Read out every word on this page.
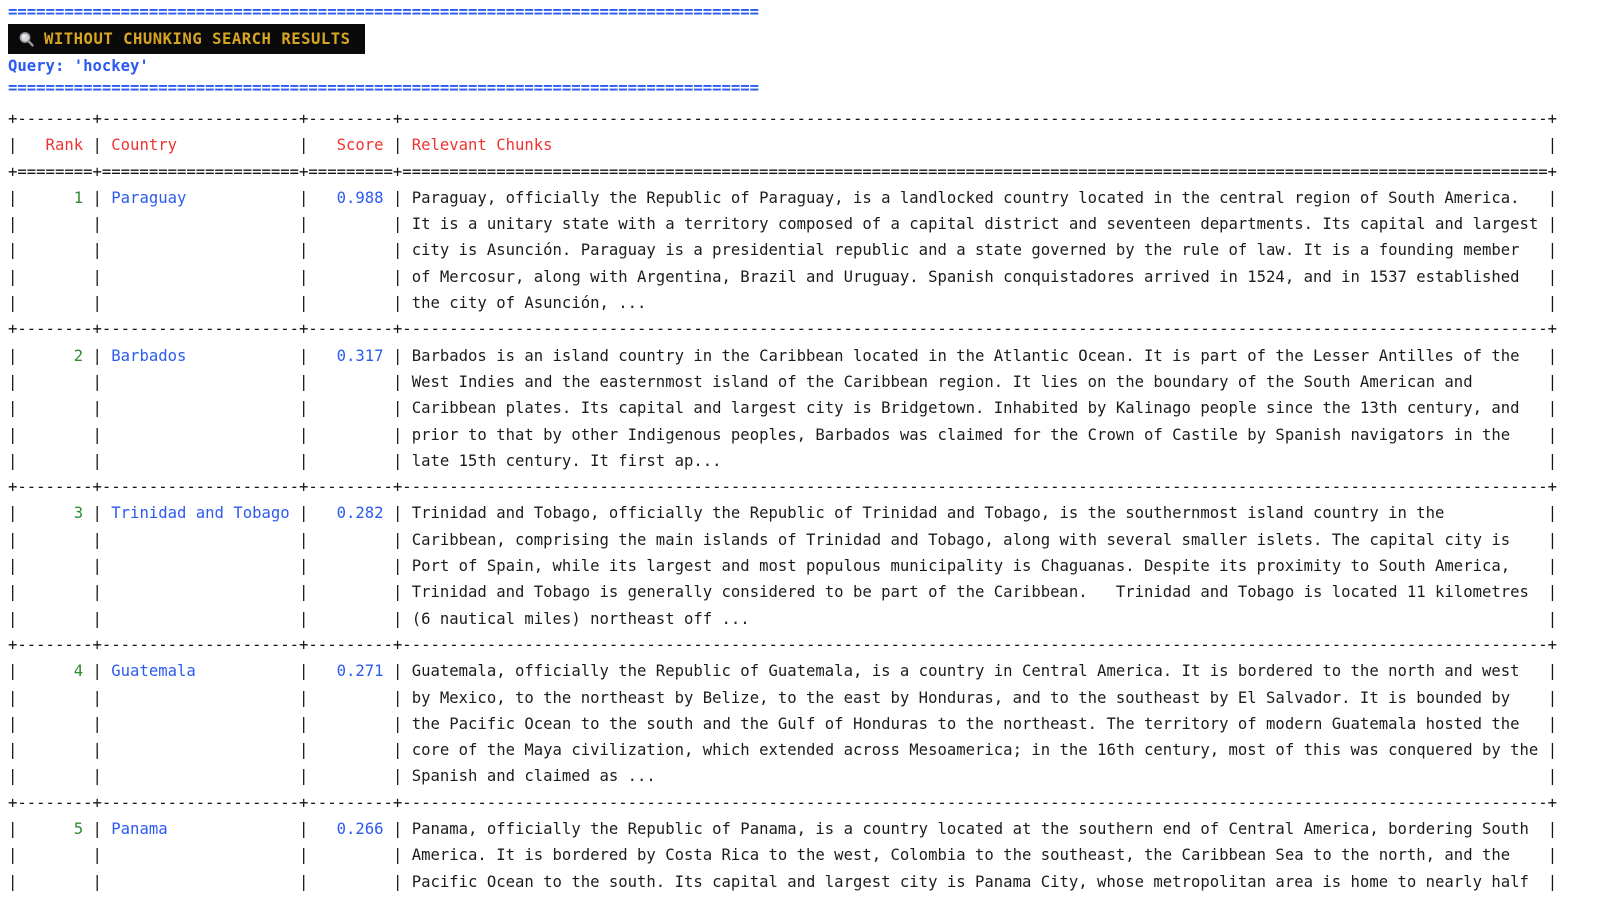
================================================================================
WITHOUT CHUNKING SEARCH RESULTS
Query: 'hockey'
================================================================================
+--------+---------------------+---------+--------------------------------------------------------------------------------------------------------------------------+
|   Rank | Country             |   Score | Relevant Chunks                                                                                                          |
+========+=====================+=========+==========================================================================================================================+
|      1 | Paraguay            |   0.988 | Paraguay, officially the Republic of Paraguay, is a landlocked country located in the central region of South America.   |
|	|	|	| It is a unitary state with a territory composed of a capital district and seventeen departments. Its capital and largest |
|	|	|	| city is Asunción. Paraguay is a presidential republic and a state governed by the rule of law. It is a founding member   |
|	|	|	| of Mercosur, along with Argentina, Brazil and Uruguay. Spanish conquistadores arrived in 1524, and in 1537 established   |
|	|	|	| the city of Asunción, ...                                                                                                |
+--------+---------------------+---------+--------------------------------------------------------------------------------------------------------------------------+
|      2 | Barbados            |   0.317 | Barbados is an island country in the Caribbean located in the Atlantic Ocean. It is part of the Lesser Antilles of the   |
|	|	|	| West Indies and the easternmost island of the Caribbean region. It lies on the boundary of the South American and        |
|	|	|	| Caribbean plates. Its capital and largest city is Bridgetown. Inhabited by Kalinago people since the 13th century, and   |
|	|	|	| prior to that by other Indigenous peoples, Barbados was claimed for the Crown of Castile by Spanish navigators in the    |
|	|	|	| late 15th century. It first ap...                                                                                        |
+--------+---------------------+---------+--------------------------------------------------------------------------------------------------------------------------+
|      3 | Trinidad and Tobago |   0.282 | Trinidad and Tobago, officially the Republic of Trinidad and Tobago, is the southernmost island country in the           |
|	|	|	| Caribbean, comprising the main islands of Trinidad and Tobago, along with several smaller islets. The capital city is    |
|	|	|	| Port of Spain, while its largest and most populous municipality is Chaguanas. Despite its proximity to South America,    |
|	|	|	| Trinidad and Tobago is generally considered to be part of the Caribbean.   Trinidad and Tobago is located 11 kilometres  |
|	|	|	| (6 nautical miles) northeast off ...                                                                                     |
+--------+---------------------+---------+--------------------------------------------------------------------------------------------------------------------------+
|      4 | Guatemala           |   0.271 | Guatemala, officially the Republic of Guatemala, is a country in Central America. It is bordered to the north and west   |
|	|	|	| by Mexico, to the northeast by Belize, to the east by Honduras, and to the southeast by El Salvador. It is bounded by    |
|	|	|	| the Pacific Ocean to the south and the Gulf of Honduras to the northeast. The territory of modern Guatemala hosted the   |
|	|	|	| core of the Maya civilization, which extended across Mesoamerica; in the 16th century, most of this was conquered by the |
|	|	|	| Spanish and claimed as ...                                                                                               |
+--------+---------------------+---------+--------------------------------------------------------------------------------------------------------------------------+
|      5 | Panama              |   0.266 | Panama, officially the Republic of Panama, is a country located at the southern end of Central America, bordering South  |
|	|	|	| America. It is bordered by Costa Rica to the west, Colombia to the southeast, the Caribbean Sea to the north, and the    |
|	|	|	| Pacific Ocean to the south. Its capital and largest city is Panama City, whose metropolitan area is home to nearly half  |
